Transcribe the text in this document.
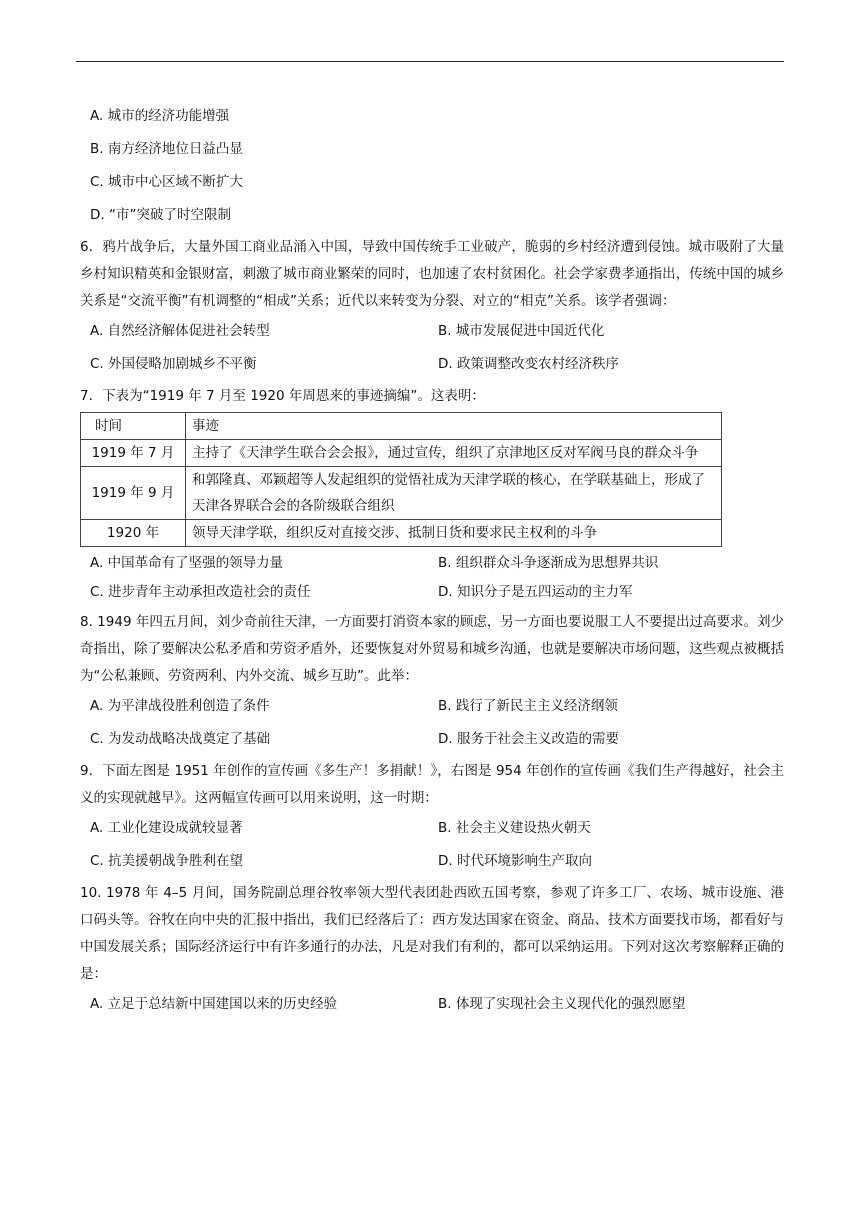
A. 城市的经济功能增强
B. 南方经济地位日益凸显
C. 城市中心区域不断扩大
D. “市”突破了时空限制

6．鸦片战争后，大量外国工商业品涌入中国，导致中国传统手工业破产，脆弱的乡村经济遭到侵蚀。城市吸附了大量乡村知识精英和金银财富，刺激了城市商业繁荣的同时，也加速了农村贫困化。社会学家费孝通指出，传统中国的城乡关系是“交流平衡”有机调整的“相成”关系；近代以来转变为分裂、对立的“相克”关系。该学者强调：

A. 自然经济解体促进社会转型	B. 城市发展促进中国近代化
C. 外国侵略加剧城乡不平衡	D. 政策调整改变农村经济秩序

7．下表为“1919 年 7 月至 1920 年周恩来的事迹摘编”。这表明：

时间	事迹
1919 年 7 月	主持了《天津学生联合会会报》，通过宣传，组织了京津地区反对军阀马良的群众斗争
1919 年 9 月	和郭隆真、邓颖超等人发起组织的觉悟社成为天津学联的核心，在学联基础上，形成了天津各界联合会的各阶级联合组织
1920 年	领导天津学联，组织反对直接交涉、抵制日货和要求民主权利的斗争
A. 中国革命有了坚强的领导力量	B. 组织群众斗争逐渐成为思想界共识
C. 进步青年主动承担改造社会的责任	D. 知识分子是五四运动的主力军

8. 1949 年四五月间，刘少奇前往天津，一方面要打消资本家的顾虑，另一方面也要说服工人不要提出过高要求。刘少奇指出，除了要解决公私矛盾和劳资矛盾外，还要恢复对外贸易和城乡沟通，也就是要解决市场问题，这些观点被概括为“公私兼顾、劳资两利、内外交流、城乡互助”。此举：

A. 为平津战役胜利创造了条件	B. 践行了新民主主义经济纲领
C. 为发动战略决战奠定了基础	D. 服务于社会主义改造的需要

9．下面左图是 1951 年创作的宣传画《多生产！多捐献！》，右图是 954 年创作的宣传画《我们生产得越好，社会主义的实现就越早》。这两幅宣传画可以用来说明，这一时期：

A. 工业化建设成就较显著	B. 社会主义建设热火朝天
C. 抗美援朝战争胜利在望	D. 时代环境影响生产取向

10. 1978 年 4–5 月间，国务院副总理谷牧率领大型代表团赴西欧五国考察，参观了许多工厂、农场、城市设施、港口码头等。谷牧在向中央的汇报中指出，我们已经落后了：西方发达国家在资金、商品、技术方面要找市场，都看好与中国发展关系；国际经济运行中有许多通行的办法，凡是对我们有利的，都可以采纳运用。下列对这次考察解释正确的是：

A. 立足于总结新中国建国以来的历史经验	B. 体现了实现社会主义现代化的强烈愿望
